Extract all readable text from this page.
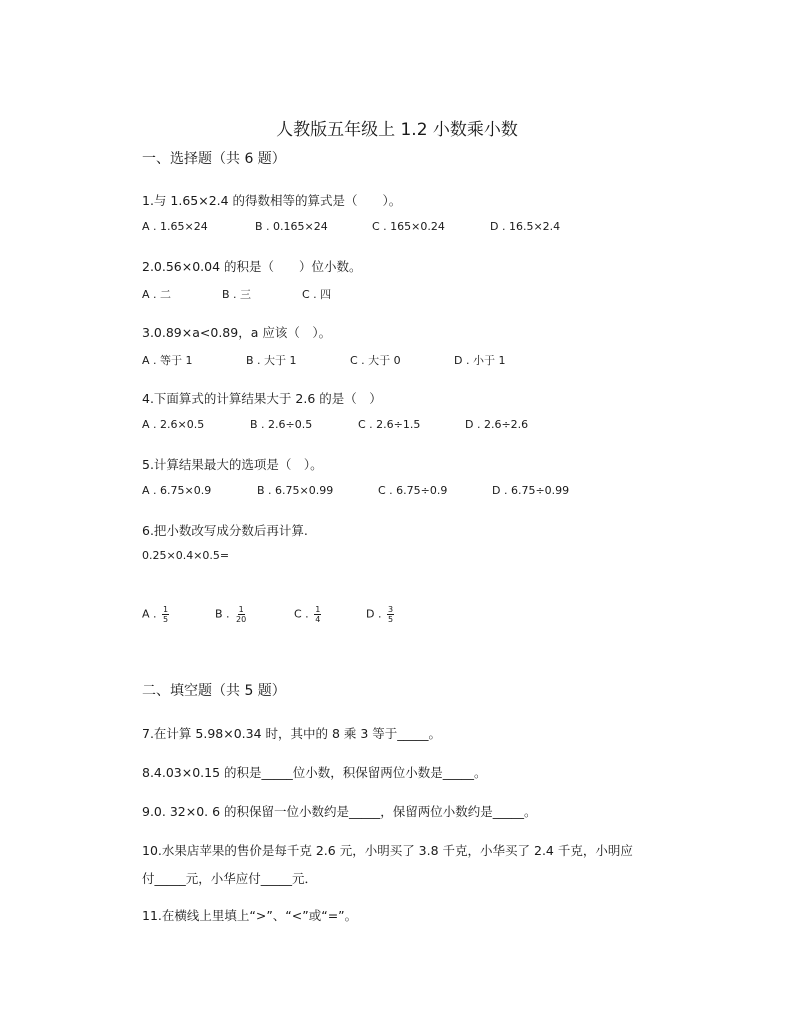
人教版五年级上 1.2 小数乘小数
一、选择题（共 6 题）
1.与 1.65×2.4 的得数相等的算式是（　　）。
A . 1.65×24	B . 0.165×24	C . 165×0.24	D . 16.5×2.4
2.0.56×0.04 的积是（　　）位小数。
A . 二	B . 三	C . 四
3.0.89×a<0.89，a 应该（　）。
A . 等于 1	B . 大于 1	C . 大于 0	D . 小于 1
4.下面算式的计算结果大于 2.6 的是（　）
A . 2.6×0.5	B . 2.6÷0.5	C . 2.6÷1.5	D . 2.6÷2.6
5.计算结果最大的选项是（　）。
A . 6.75×0.9	B . 6.75×0.99	C . 6.75÷0.9	D . 6.75÷0.99
6.把小数改写成分数后再计算.
0.25×0.4×0.5=
A . $\frac{1}{5}$	B . $\frac{1}{20}$	C . $\frac{1}{4}$	D . $\frac{3}{5}$
二、填空题（共 5 题）
7.在计算 5.98×0.34 时，其中的 8 乘 3 等于_____。
8.4.03×0.15 的积是_____位小数，积保留两位小数是_____。
9.0. 32×0. 6 的积保留一位小数约是_____，保留两位小数约是_____。
10.水果店苹果的售价是每千克 2.6 元，小明买了 3.8 千克，小华买了 2.4 千克，小明应
付_____元，小华应付_____元．
11.在横线上里填上“>”、“<”或“=”。
